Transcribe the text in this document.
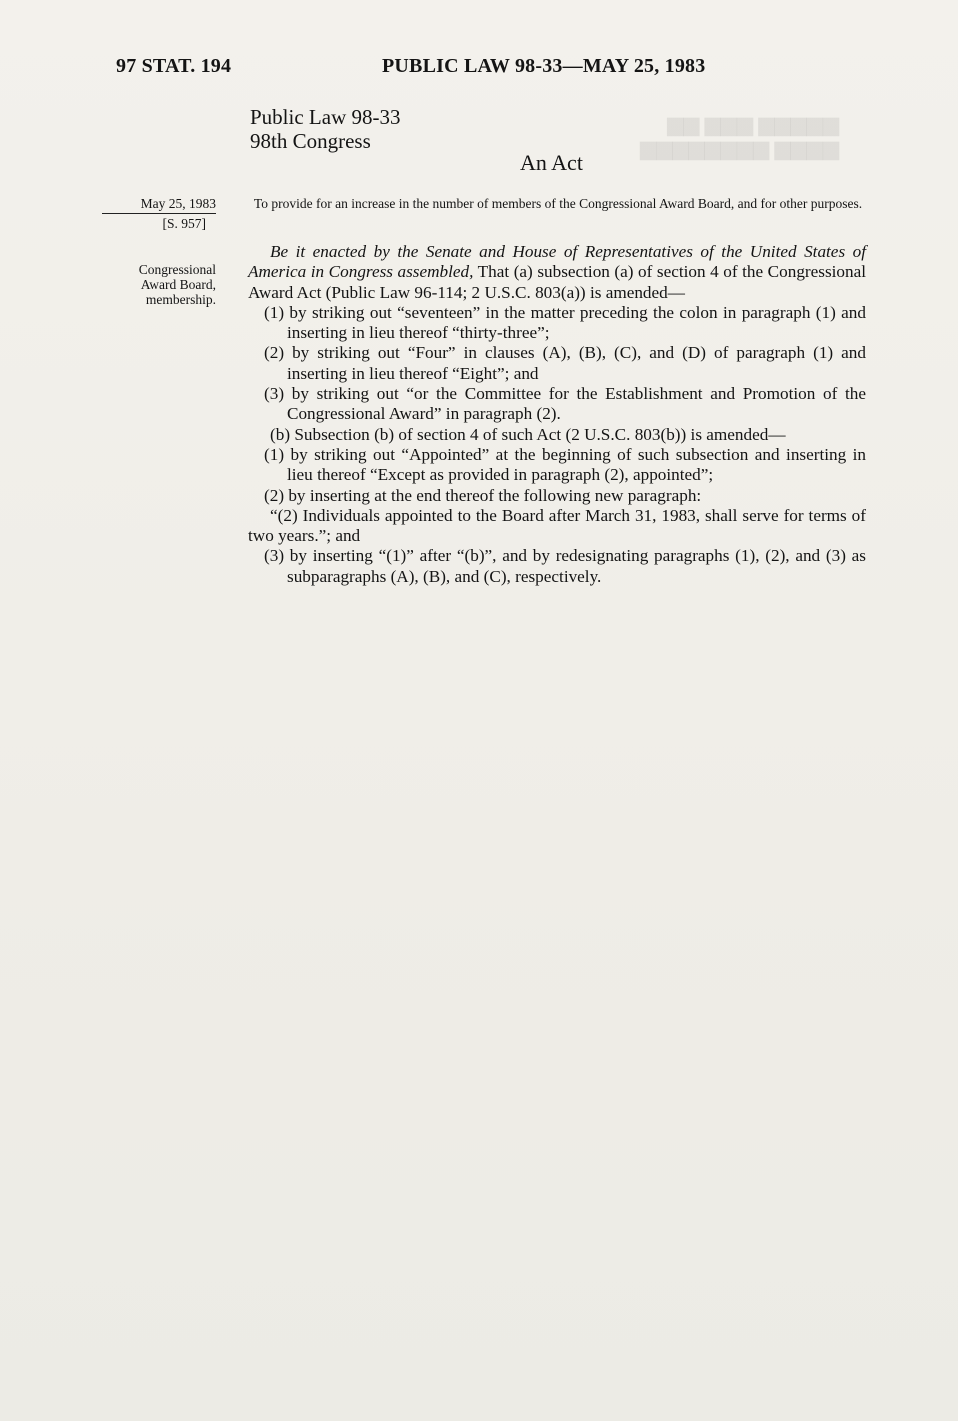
▆▆▆▆▆ ▆▆▆ ▆▆
▆▆▆▆ ▆▆▆▆▆▆▆▆
97 STAT. 194	PUBLIC LAW 98-33—MAY 25, 1983
Public Law 98-33
98th Congress
An Act
May 25, 1983
[S. 957]
Congressional
Award Board,
membership.
To provide for an increase in the number of members of the Congressional Award Board, and for other purposes.

Be it enacted by the Senate and House of Representatives of the United States of America in Congress assembled, That (a) subsection (a) of section 4 of the Congressional Award Act (Public Law 96-114; 2 U.S.C. 803(a)) is amended—

(1) by striking out “seventeen” in the matter preceding the colon in paragraph (1) and inserting in lieu thereof “thirty-three”;

(2) by striking out “Four” in clauses (A), (B), (C), and (D) of paragraph (1) and inserting in lieu thereof “Eight”; and

(3) by striking out “or the Committee for the Establishment and Promotion of the Congressional Award” in paragraph (2).

(b) Subsection (b) of section 4 of such Act (2 U.S.C. 803(b)) is amended—

(1) by striking out “Appointed” at the beginning of such subsection and inserting in lieu thereof “Except as provided in paragraph (2), appointed”;

(2) by inserting at the end thereof the following new paragraph:

“(2) Individuals appointed to the Board after March 31, 1983, shall serve for terms of two years.”; and

(3) by inserting “(1)” after “(b)”, and by redesignating paragraphs (1), (2), and (3) as subparagraphs (A), (B), and (C), respectively.
